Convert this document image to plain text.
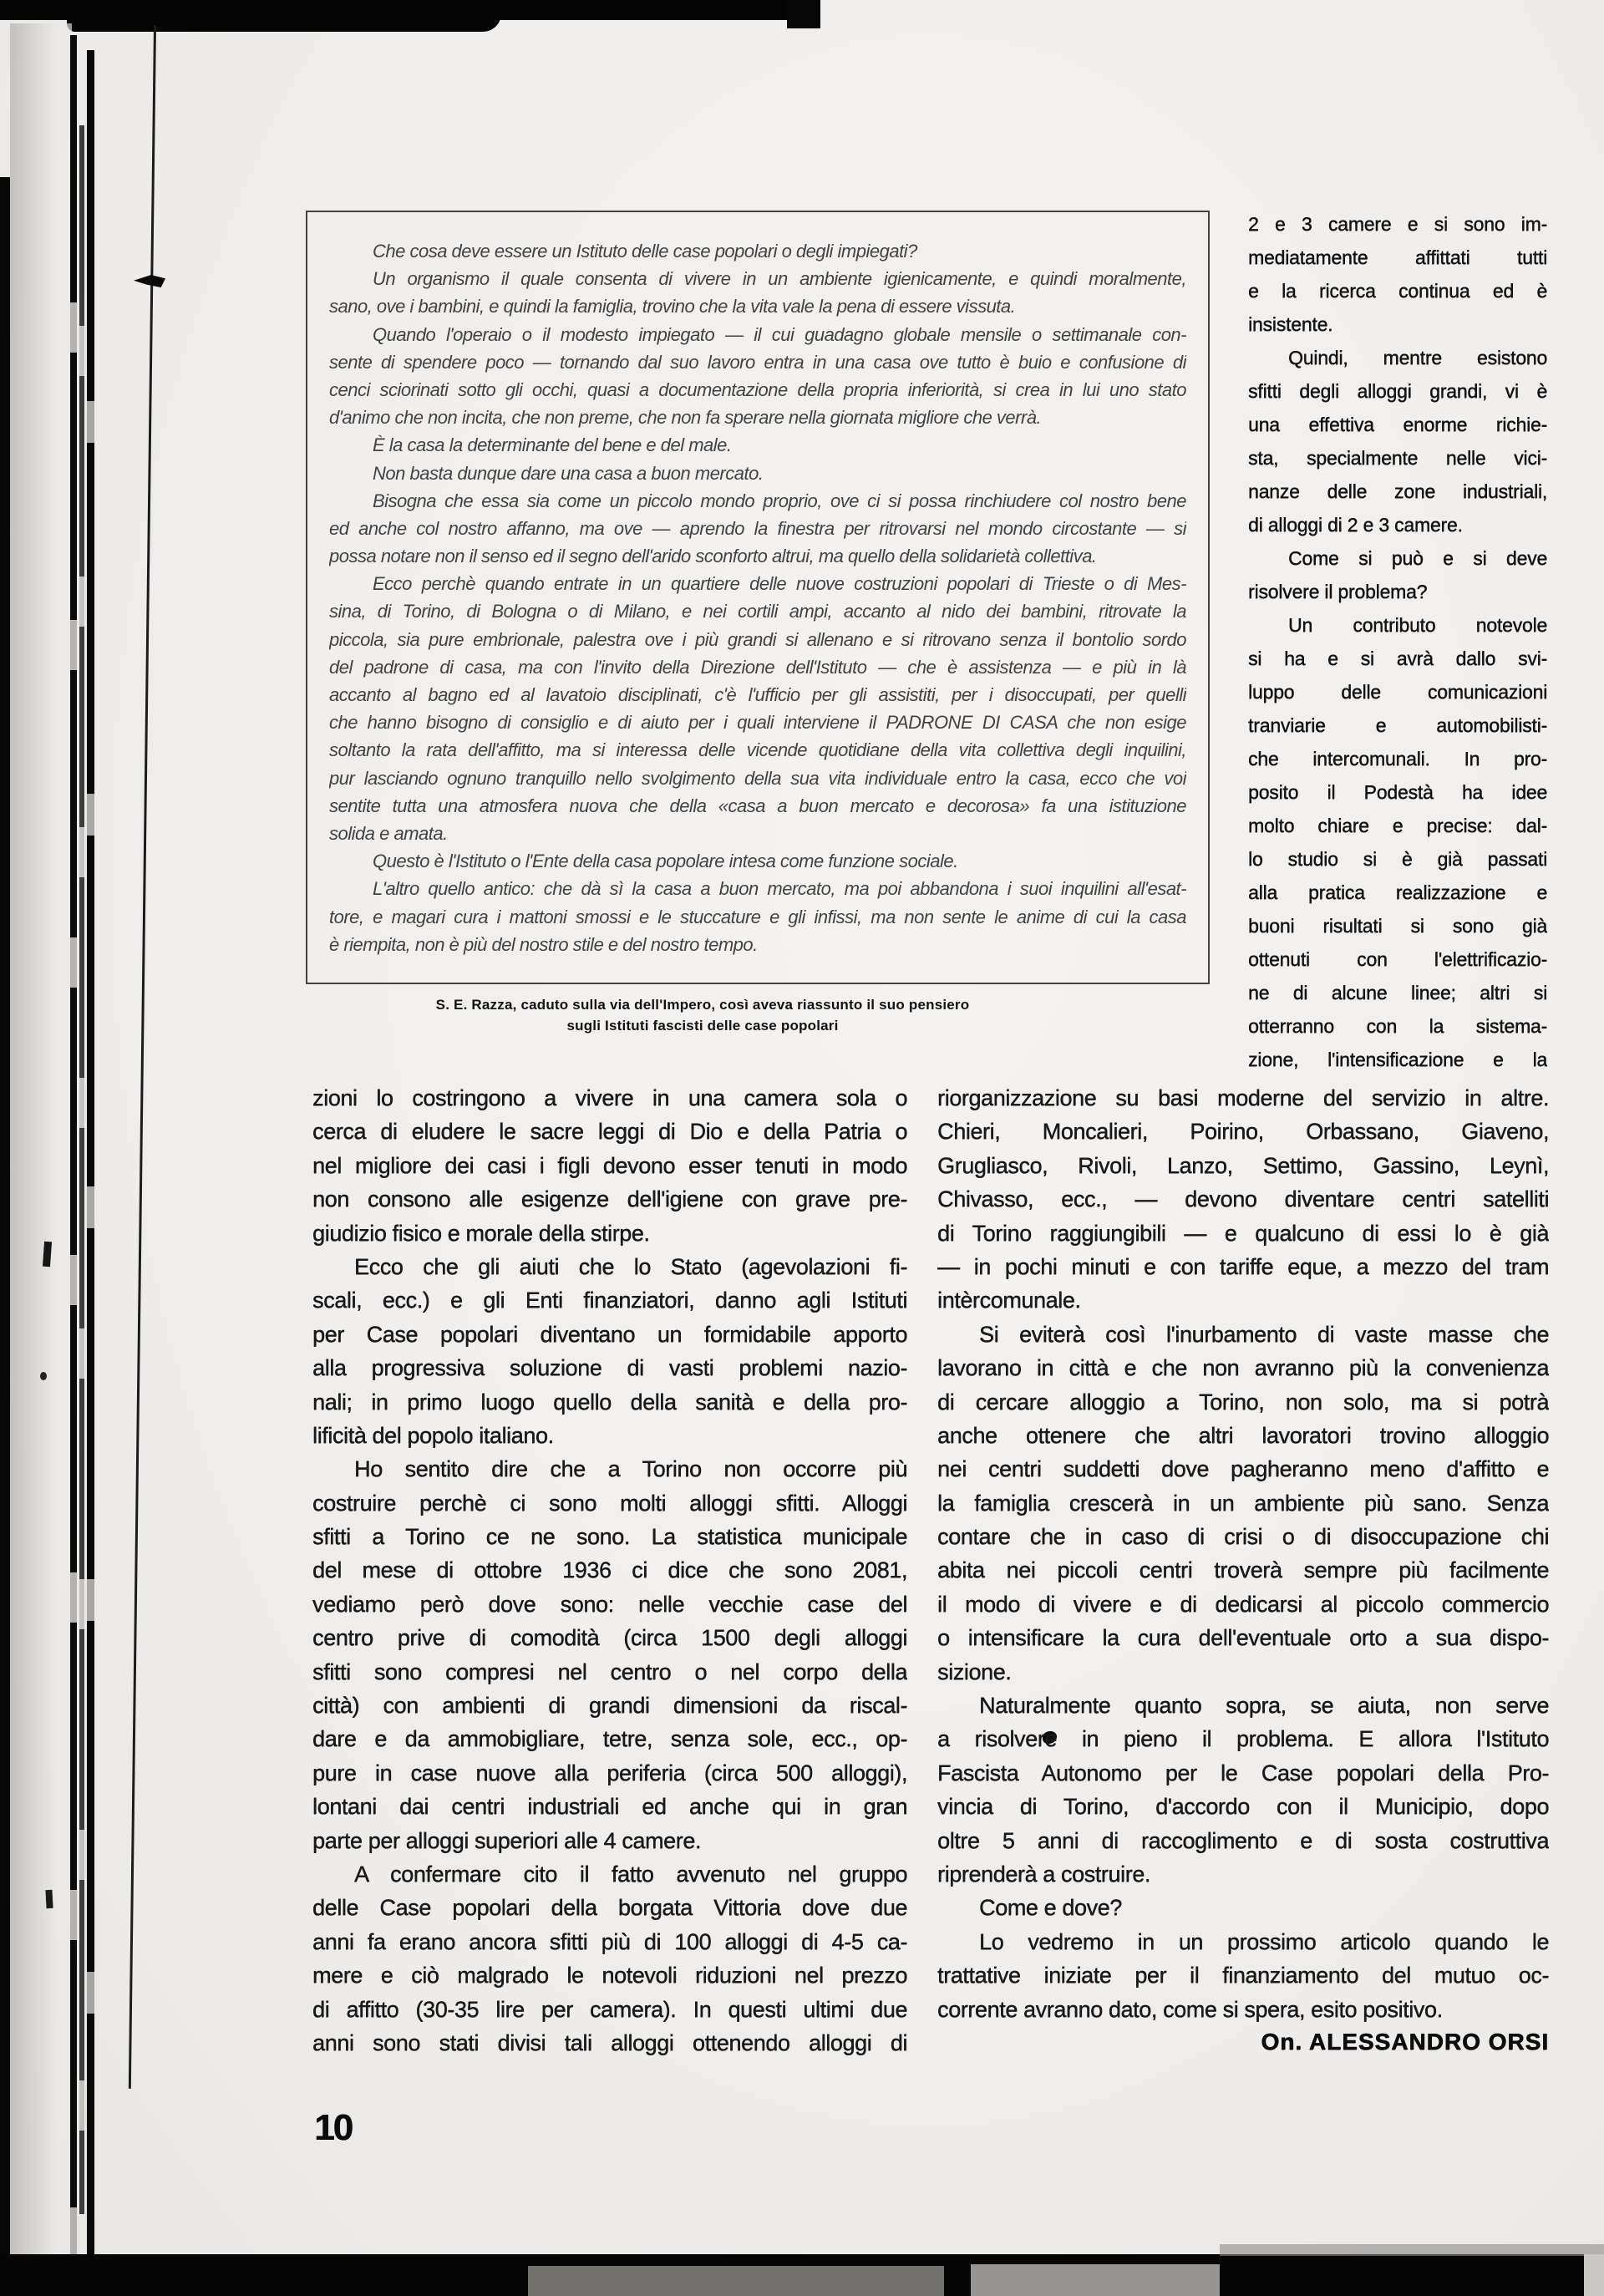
Che cosa deve essere un Istituto delle case popolari o degli impiegati?
Un organismo il quale consenta di vivere in un ambiente igienicamente, e quindi moralmente,
sano, ove i bambini, e quindi la famiglia, trovino che la vita vale la pena di essere vissuta.
Quando l'operaio o il modesto impiegato — il cui guadagno globale mensile o settimanale con-
sente di spendere poco — tornando dal suo lavoro entra in una casa ove tutto è buio e confusione di
cenci sciorinati sotto gli occhi, quasi a documentazione della propria inferiorità, si crea in lui uno stato
d'animo che non incita, che non preme, che non fa sperare nella giornata migliore che verrà.
È la casa la determinante del bene e del male.
Non basta dunque dare una casa a buon mercato.
Bisogna che essa sia come un piccolo mondo proprio, ove ci si possa rinchiudere col nostro bene
ed anche col nostro affanno, ma ove — aprendo la finestra per ritrovarsi nel mondo circostante — si
possa notare non il senso ed il segno dell'arido sconforto altrui, ma quello della solidarietà collettiva.
Ecco perchè quando entrate in un quartiere delle nuove costruzioni popolari di Trieste o di Mes-
sina, di Torino, di Bologna o di Milano, e nei cortili ampi, accanto al nido dei bambini, ritrovate la
piccola, sia pure embrionale, palestra ove i più grandi si allenano e si ritrovano senza il bontolio sordo
del padrone di casa, ma con l'invito della Direzione dell'Istituto — che è assistenza — e più in là
accanto al bagno ed al lavatoio disciplinati, c'è l'ufficio per gli assistiti, per i disoccupati, per quelli
che hanno bisogno di consiglio e di aiuto per i quali interviene il PADRONE DI CASA che non esige
soltanto la rata dell'affitto, ma si interessa delle vicende quotidiane della vita collettiva degli inquilini,
pur lasciando ognuno tranquillo nello svolgimento della sua vita individuale entro la casa, ecco che voi
sentite tutta una atmosfera nuova che della «casa a buon mercato e decorosa» fa una istituzione
solida e amata.
Questo è l'Istituto o l'Ente della casa popolare intesa come funzione sociale.
L'altro quello antico: che dà sì la casa a buon mercato, ma poi abbandona i suoi inquilini all'esat-
tore, e magari cura i mattoni smossi e le stuccature e gli infissi, ma non sente le anime di cui la casa
è riempita, non è più del nostro stile e del nostro tempo.
S. E. Razza, caduto sulla via dell'Impero, così aveva riassunto il suo pensiero
sugli Istituti fascisti delle case popolari
2 e 3 camere e si sono im-
mediatamente affittati tutti
e la ricerca continua ed è
insistente.
Quindi, mentre esistono
sfitti degli alloggi grandi, vi è
una effettiva enorme richie-
sta, specialmente nelle vici-
nanze delle zone industriali,
di alloggi di 2 e 3 camere.
Come si può e si deve
risolvere il problema?
Un contributo notevole
si ha e si avrà dallo svi-
luppo delle comunicazioni
tranviarie e automobilisti-
che intercomunali. In pro-
posito il Podestà ha idee
molto chiare e precise: dal-
lo studio si è già passati
alla pratica realizzazione e
buoni risultati si sono già
ottenuti con l'elettrificazio-
ne di alcune linee; altri si
otterranno con la sistema-
zione, l'intensificazione e la
zioni lo costringono a vivere in una camera sola o
cerca di eludere le sacre leggi di Dio e della Patria o
nel migliore dei casi i figli devono esser tenuti in modo
non consono alle esigenze dell'igiene con grave pre-
giudizio fisico e morale della stirpe.
Ecco che gli aiuti che lo Stato (agevolazioni fi-
scali, ecc.) e gli Enti finanziatori, danno agli Istituti
per Case popolari diventano un formidabile apporto
alla progressiva soluzione di vasti problemi nazio-
nali; in primo luogo quello della sanità e della pro-
lificità del popolo italiano.
Ho sentito dire che a Torino non occorre più
costruire perchè ci sono molti alloggi sfitti. Alloggi
sfitti a Torino ce ne sono. La statistica municipale
del mese di ottobre 1936 ci dice che sono 2081,
vediamo però dove sono: nelle vecchie case del
centro prive di comodità (circa 1500 degli alloggi
sfitti sono compresi nel centro o nel corpo della
città) con ambienti di grandi dimensioni da riscal-
dare e da ammobigliare, tetre, senza sole, ecc., op-
pure in case nuove alla periferia (circa 500 alloggi),
lontani dai centri industriali ed anche qui in gran
parte per alloggi superiori alle 4 camere.
A confermare cito il fatto avvenuto nel gruppo
delle Case popolari della borgata Vittoria dove due
anni fa erano ancora sfitti più di 100 alloggi di 4-5 ca-
mere e ciò malgrado le notevoli riduzioni nel prezzo
di affitto (30-35 lire per camera). In questi ultimi due
anni sono stati divisi tali alloggi ottenendo alloggi di
riorganizzazione su basi moderne del servizio in altre.
Chieri, Moncalieri, Poirino, Orbassano, Giaveno,
Grugliasco, Rivoli, Lanzo, Settimo, Gassino, Leynì,
Chivasso, ecc., — devono diventare centri satelliti
di Torino raggiungibili — e qualcuno di essi lo è già
— in pochi minuti e con tariffe eque, a mezzo del tram
intèrcomunale.
Si eviterà così l'inurbamento di vaste masse che
lavorano in città e che non avranno più la convenienza
di cercare alloggio a Torino, non solo, ma si potrà
anche ottenere che altri lavoratori trovino alloggio
nei centri suddetti dove pagheranno meno d'affitto e
la famiglia crescerà in un ambiente più sano. Senza
contare che in caso di crisi o di disoccupazione chi
abita nei piccoli centri troverà sempre più facilmente
il modo di vivere e di dedicarsi al piccolo commercio
o intensificare la cura dell'eventuale orto a sua dispo-
sizione.
Naturalmente quanto sopra, se aiuta, non serve
a risolvere in pieno il problema. E allora l'Istituto
Fascista Autonomo per le Case popolari della Pro-
vincia di Torino, d'accordo con il Municipio, dopo
oltre 5 anni di raccoglimento e di sosta costruttiva
riprenderà a costruire.
Come e dove?
Lo vedremo in un prossimo articolo quando le
trattative iniziate per il finanziamento del mutuo oc-
corrente avranno dato, come si spera, esito positivo.
On. ALESSANDRO ORSI
10
